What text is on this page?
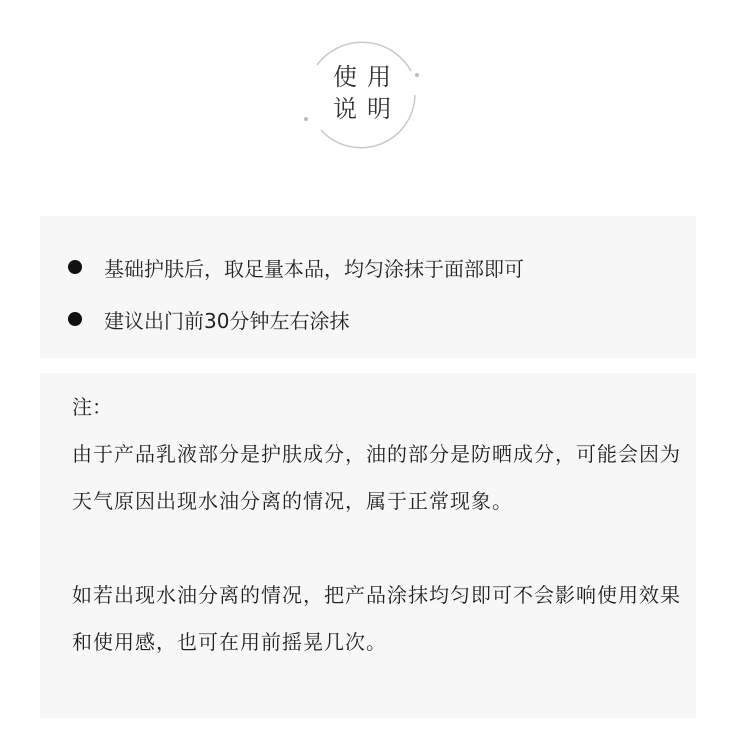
使用
说明
基础护肤后，取足量本品，均匀涂抹于面部即可
建议出门前30分钟左右涂抹
注：
由于产品乳液部分是护肤成分，油的部分是防晒成分，可能会因为天气原因出现水油分离的情况，属于正常现象。
如若出现水油分离的情况，把产品涂抹均匀即可不会影响使用效果和使用感，也可在用前摇晃几次。
